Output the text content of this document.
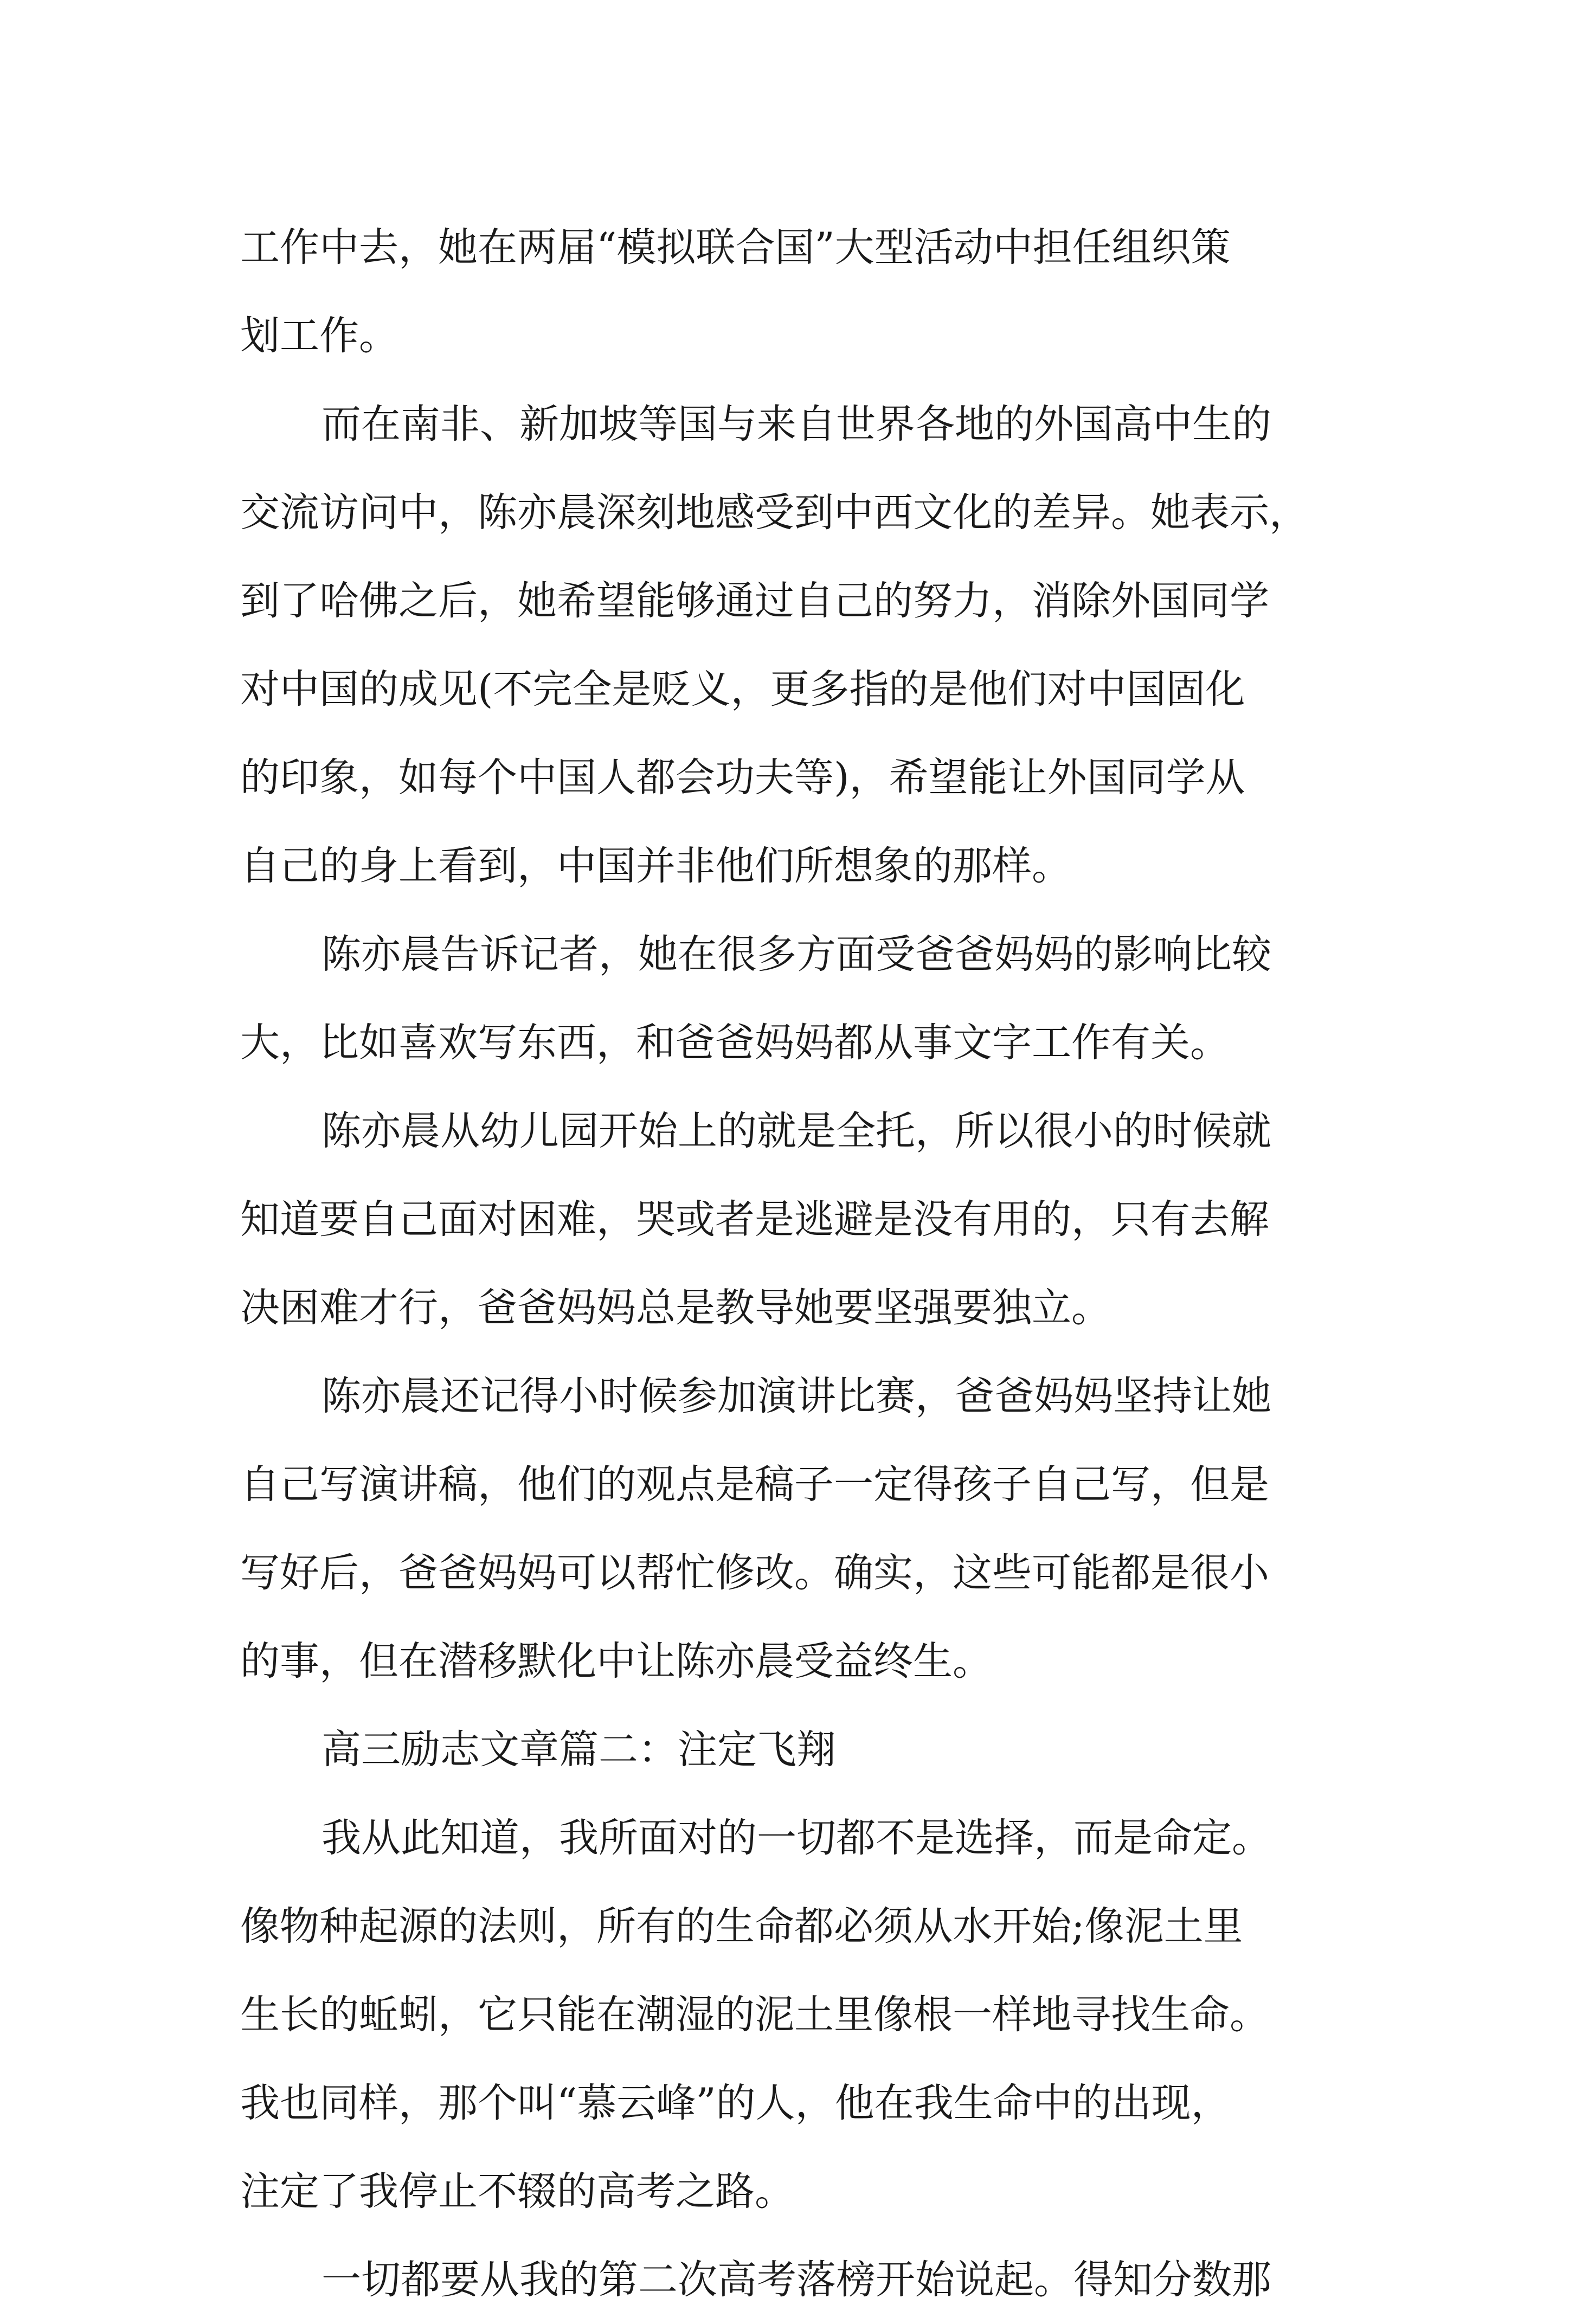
工作中去，她在两届“模拟联合国”大型活动中担任组织策
划工作。
而在南非、新加坡等国与来自世界各地的外国高中生的
交流访问中，陈亦晨深刻地感受到中西文化的差异。她表示，
到了哈佛之后，她希望能够通过自己的努力，消除外国同学
对中国的成见(不完全是贬义，更多指的是他们对中国固化
的印象，如每个中国人都会功夫等)，希望能让外国同学从
自己的身上看到，中国并非他们所想象的那样。
陈亦晨告诉记者，她在很多方面受爸爸妈妈的影响比较
大，比如喜欢写东西，和爸爸妈妈都从事文字工作有关。
陈亦晨从幼儿园开始上的就是全托，所以很小的时候就
知道要自己面对困难，哭或者是逃避是没有用的，只有去解
决困难才行，爸爸妈妈总是教导她要坚强要独立。
陈亦晨还记得小时候参加演讲比赛，爸爸妈妈坚持让她
自己写演讲稿，他们的观点是稿子一定得孩子自己写，但是
写好后，爸爸妈妈可以帮忙修改。确实，这些可能都是很小
的事，但在潜移默化中让陈亦晨受益终生。
高三励志文章篇二：注定飞翔
我从此知道，我所面对的一切都不是选择，而是命定。
像物种起源的法则，所有的生命都必须从水开始;像泥土里
生长的蚯蚓，它只能在潮湿的泥土里像根一样地寻找生命。
我也同样，那个叫“慕云峰”的人，他在我生命中的出现，
注定了我停止不辍的高考之路。
一切都要从我的第二次高考落榜开始说起。得知分数那
